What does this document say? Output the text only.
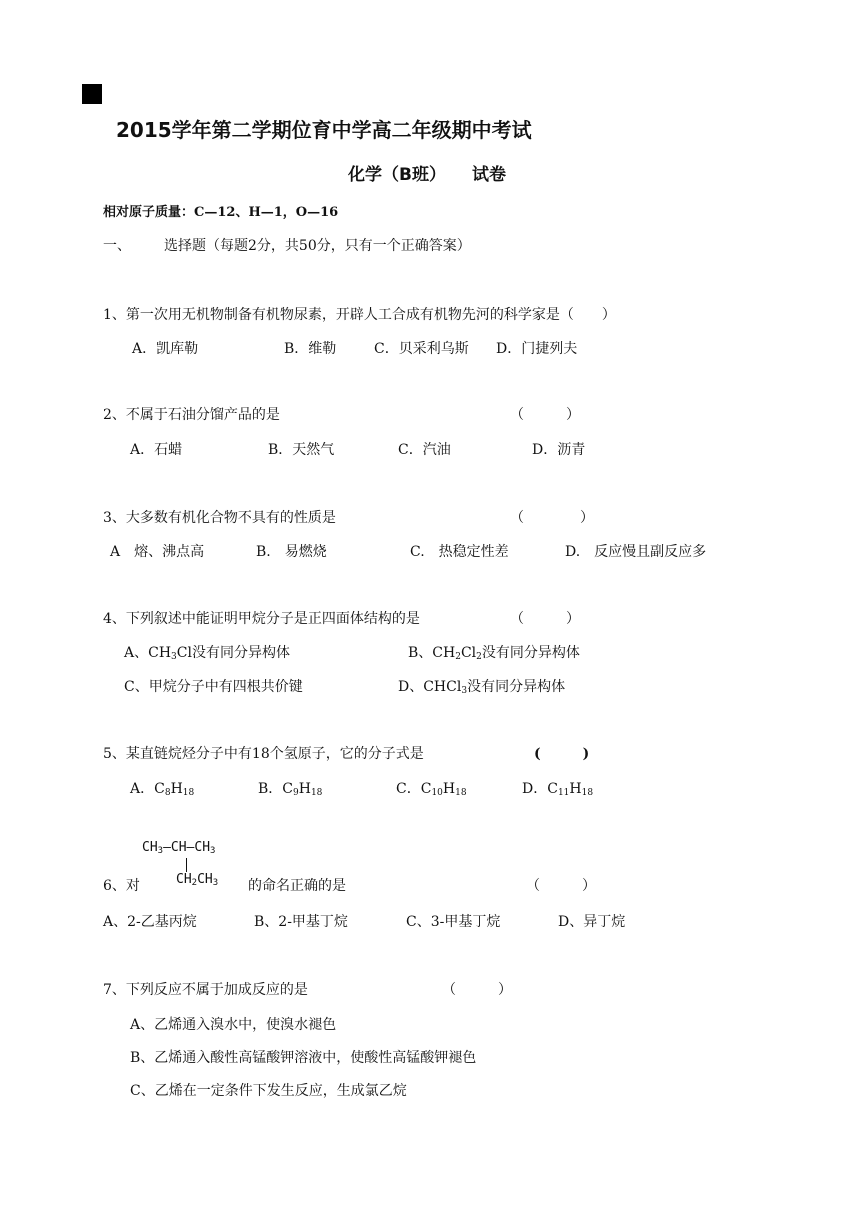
2015学年第二学期位育中学高二年级期中考试
化学（B班） 试卷
相对原子质量：C—12、H—1，O—16
一、 选择题（每题2分，共50分，只有一个正确答案）
1、第一次用无机物制备有机物尿素，开辟人工合成有机物先河的科学家是（　　）
A．凯库勒	B．维勒	C．贝采利乌斯 D．门捷列夫
2、不属于石油分馏产品的是	（　　　）
A．石蜡	B．天然气	C．汽油	D．沥青
3、大多数有机化合物不具有的性质是	（　　　　）
A　熔、沸点高	B.　易燃烧	C.　热稳定性差	D.　反应慢且副反应多
4、下列叙述中能证明甲烷分子是正四面体结构的是	（　　　）
A、$CH_3Cl$没有同分异构体	B、$CH_2Cl_2$没有同分异构体
C、甲烷分子中有四根共价键	D、CHCl$_3$没有同分异构体
5、某直链烷烃分子中有18个氢原子，它的分子式是	(　　　)
A．$C_8H_{18}$	B．$C_9H_{18}$	C．$C_{10}H_{18}$	D．$C_{11}H_{18}$
$CH_3—CH—CH_3$
$CH_2CH_3$
6、对	的命名正确的是	（　　　）
A、2-乙基丙烷	B、2-甲基丁烷	C、3-甲基丁烷	D、异丁烷
7、下列反应不属于加成反应的是	（　　　）
A、乙烯通入溴水中，使溴水褪色
B、乙烯通入酸性高锰酸钾溶液中，使酸性高锰酸钾褪色
C、乙烯在一定条件下发生反应，生成氯乙烷
